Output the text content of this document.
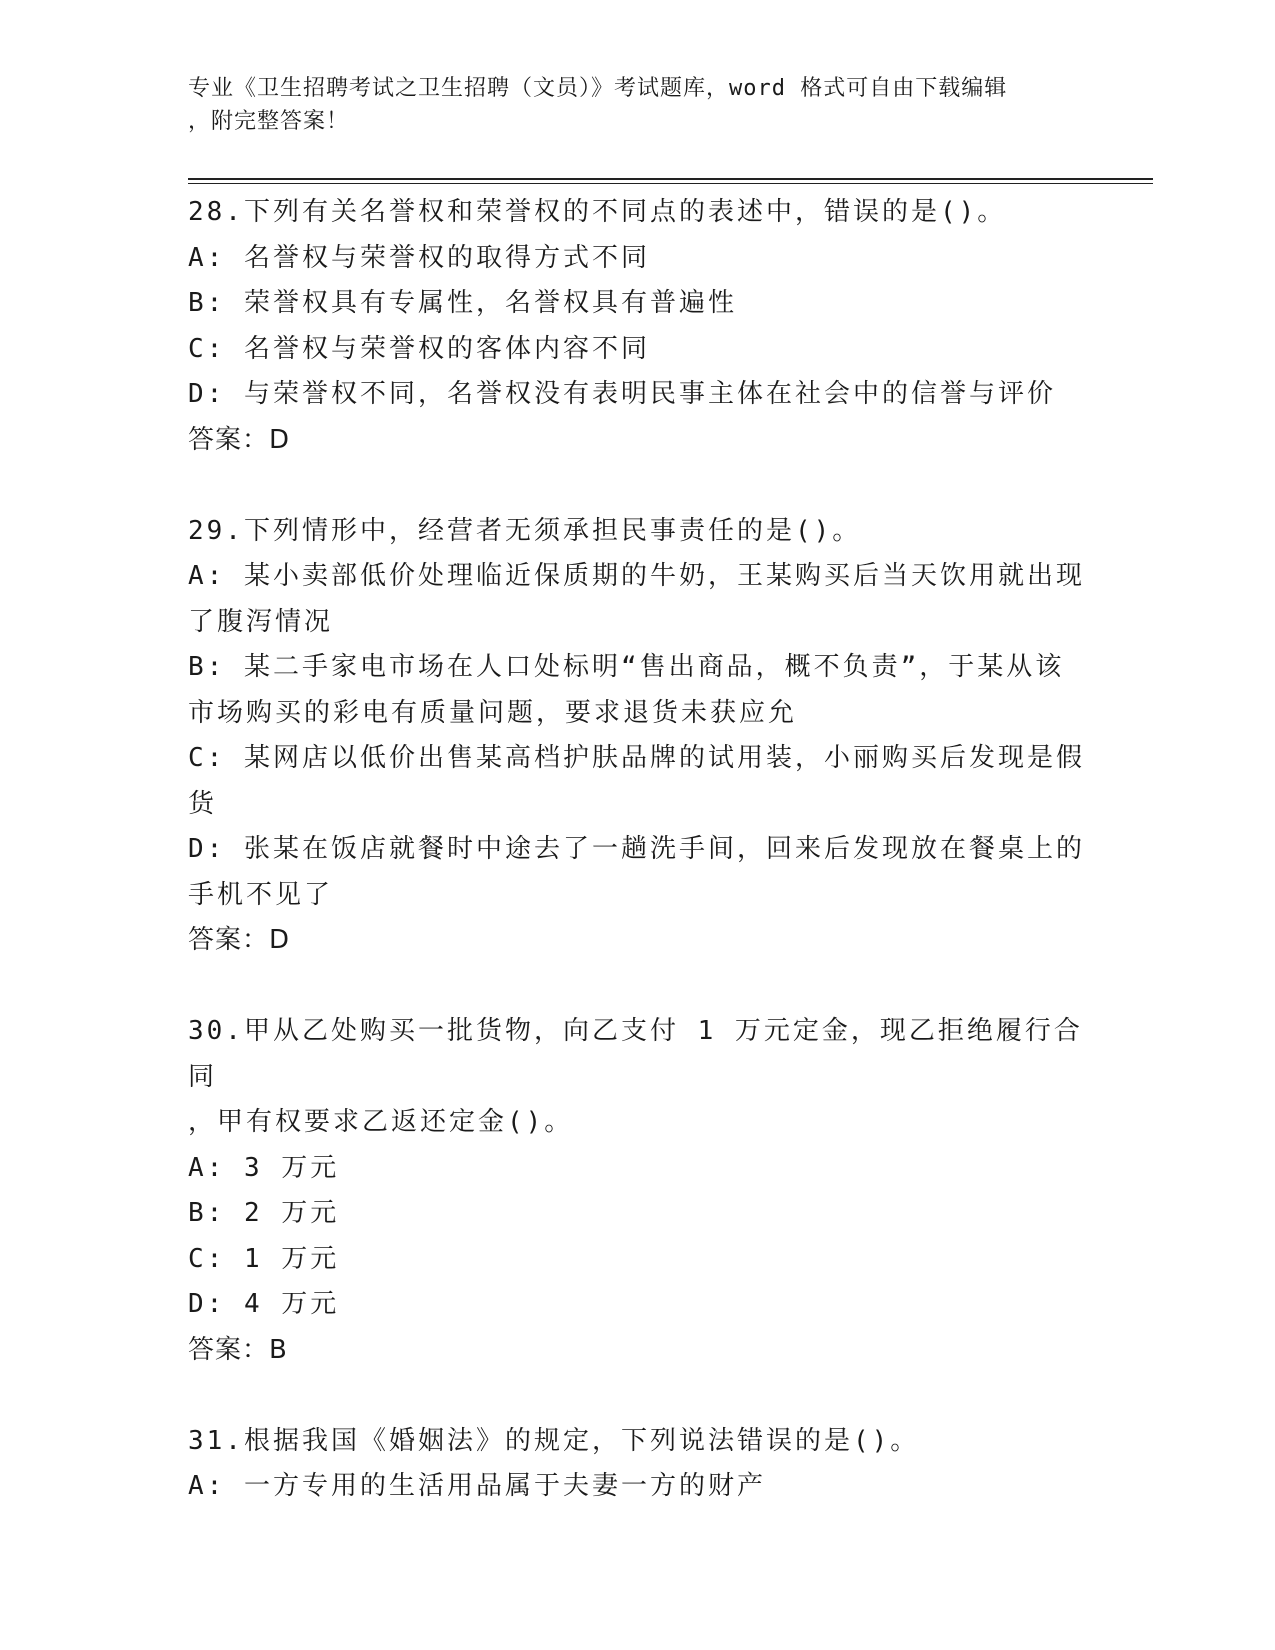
专业《卫生招聘考试之卫生招聘（文员）》考试题库，word 格式可自由下载编辑
，附完整答案！
28.下列有关名誉权和荣誉权的不同点的表述中，错误的是()。
A: 名誉权与荣誉权的取得方式不同
B: 荣誉权具有专属性，名誉权具有普遍性
C: 名誉权与荣誉权的客体内容不同
D: 与荣誉权不同，名誉权没有表明民事主体在社会中的信誉与评价
答案：D
29.下列情形中，经营者无须承担民事责任的是()。
A: 某小卖部低价处理临近保质期的牛奶，王某购买后当天饮用就出现
了腹泻情况
B: 某二手家电市场在人口处标明“售出商品，概不负责”，于某从该
市场购买的彩电有质量问题，要求退货未获应允
C: 某网店以低价出售某高档护肤品牌的试用装，小丽购买后发现是假
货
D: 张某在饭店就餐时中途去了一趟洗手间，回来后发现放在餐桌上的
手机不见了
答案：D
30.甲从乙处购买一批货物，向乙支付 1 万元定金，现乙拒绝履行合同
，甲有权要求乙返还定金()。
A: 3 万元
B: 2 万元
C: 1 万元
D: 4 万元
答案：B
31.根据我国《婚姻法》的规定，下列说法错误的是()。
A: 一方专用的生活用品属于夫妻一方的财产
